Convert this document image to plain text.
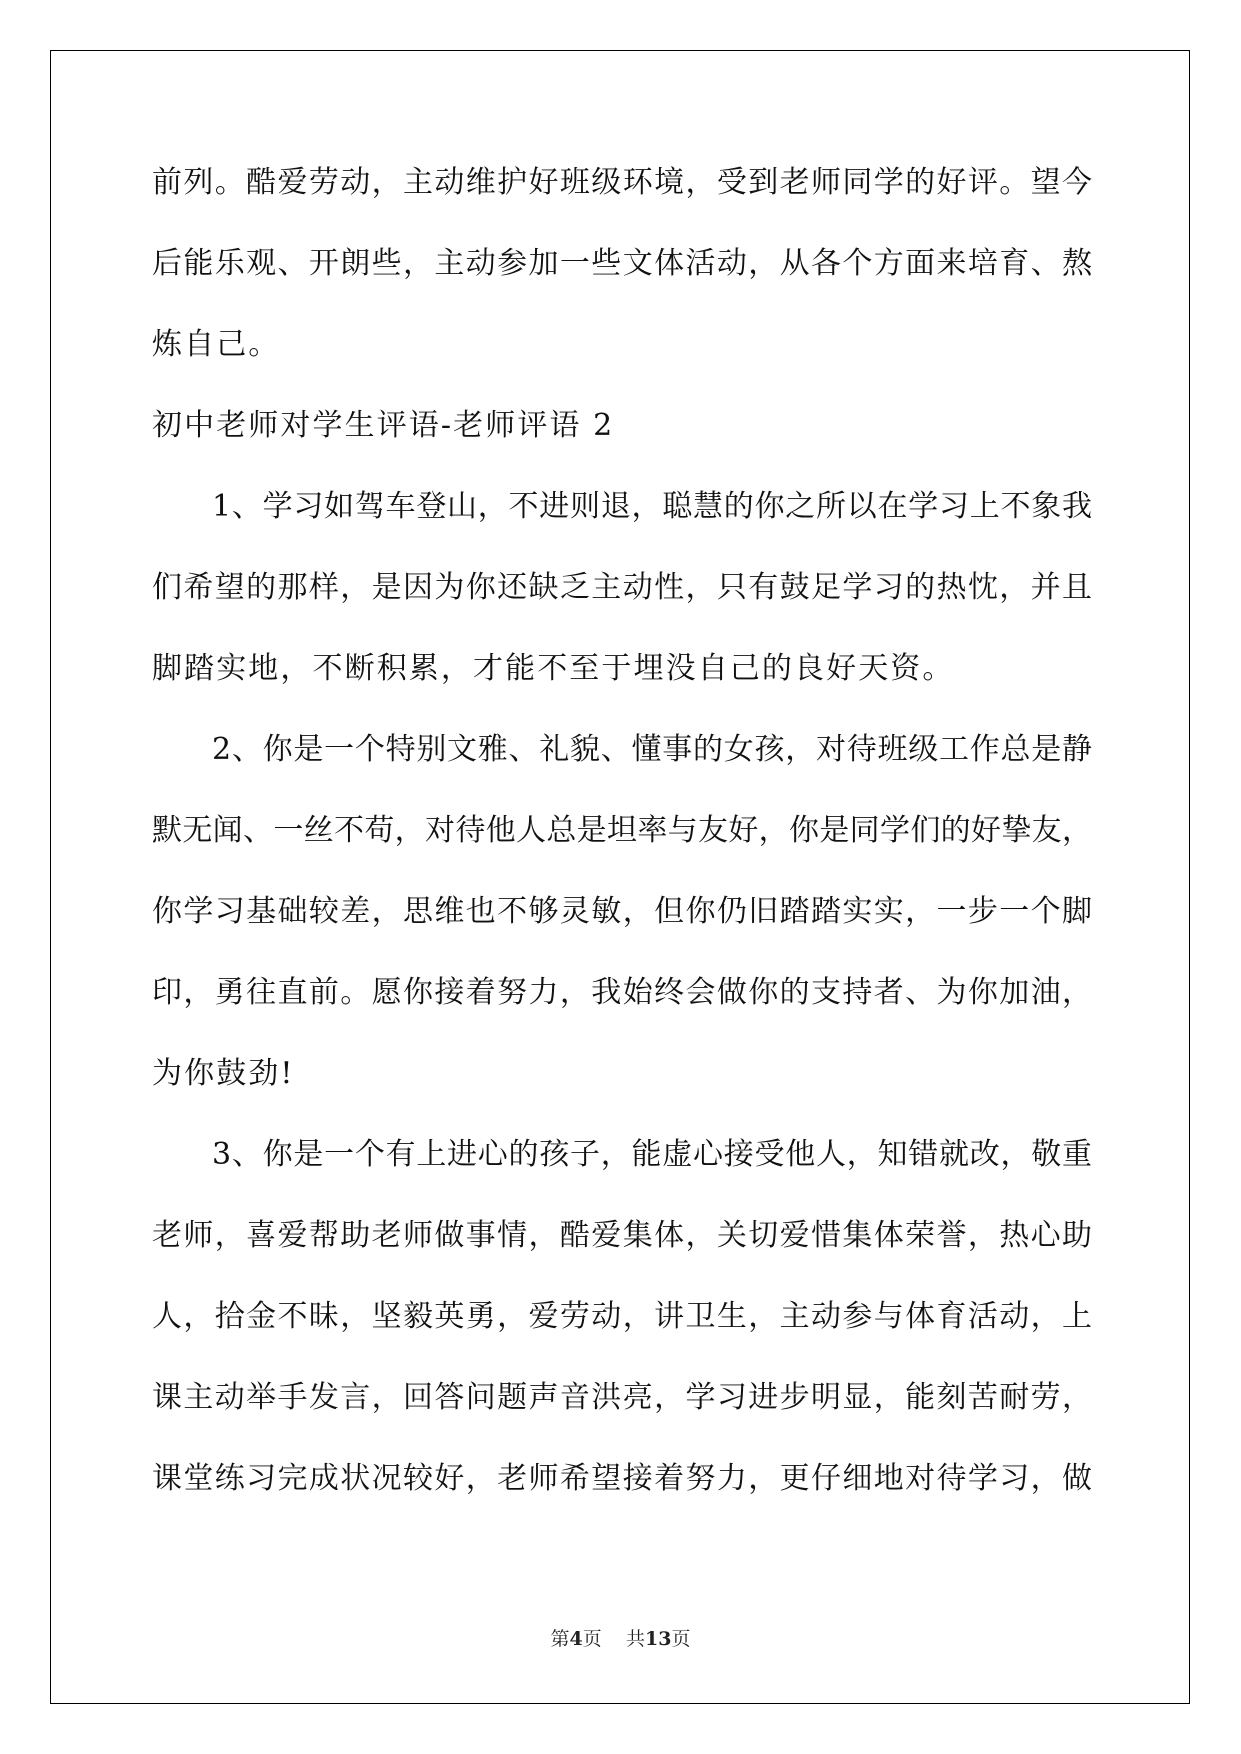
前列。酷爱劳动，主动维护好班级环境，受到老师同学的好评。望今
后能乐观、开朗些，主动参加一些文体活动，从各个方面来培育、熬
炼自己。
初中老师对学生评语-老师评语 2
1、学习如驾车登山，不进则退，聪慧的你之所以在学习上不象我
们希望的那样，是因为你还缺乏主动性，只有鼓足学习的热忱，并且
脚踏实地，不断积累，才能不至于埋没自己的良好天资。
2、你是一个特别文雅、礼貌、懂事的女孩，对待班级工作总是静
默无闻、一丝不苟，对待他人总是坦率与友好，你是同学们的好挚友，
你学习基础较差，思维也不够灵敏，但你仍旧踏踏实实，一步一个脚
印，勇往直前。愿你接着努力，我始终会做你的支持者、为你加油，
为你鼓劲!
3、你是一个有上进心的孩子，能虚心接受他人，知错就改，敬重
老师，喜爱帮助老师做事情，酷爱集体，关切爱惜集体荣誉，热心助
人，拾金不昧，坚毅英勇，爱劳动，讲卫生，主动参与体育活动，上
课主动举手发言，回答问题声音洪亮，学习进步明显，能刻苦耐劳，
课堂练习完成状况较好，老师希望接着努力，更仔细地对待学习，做
第4页 共13页
